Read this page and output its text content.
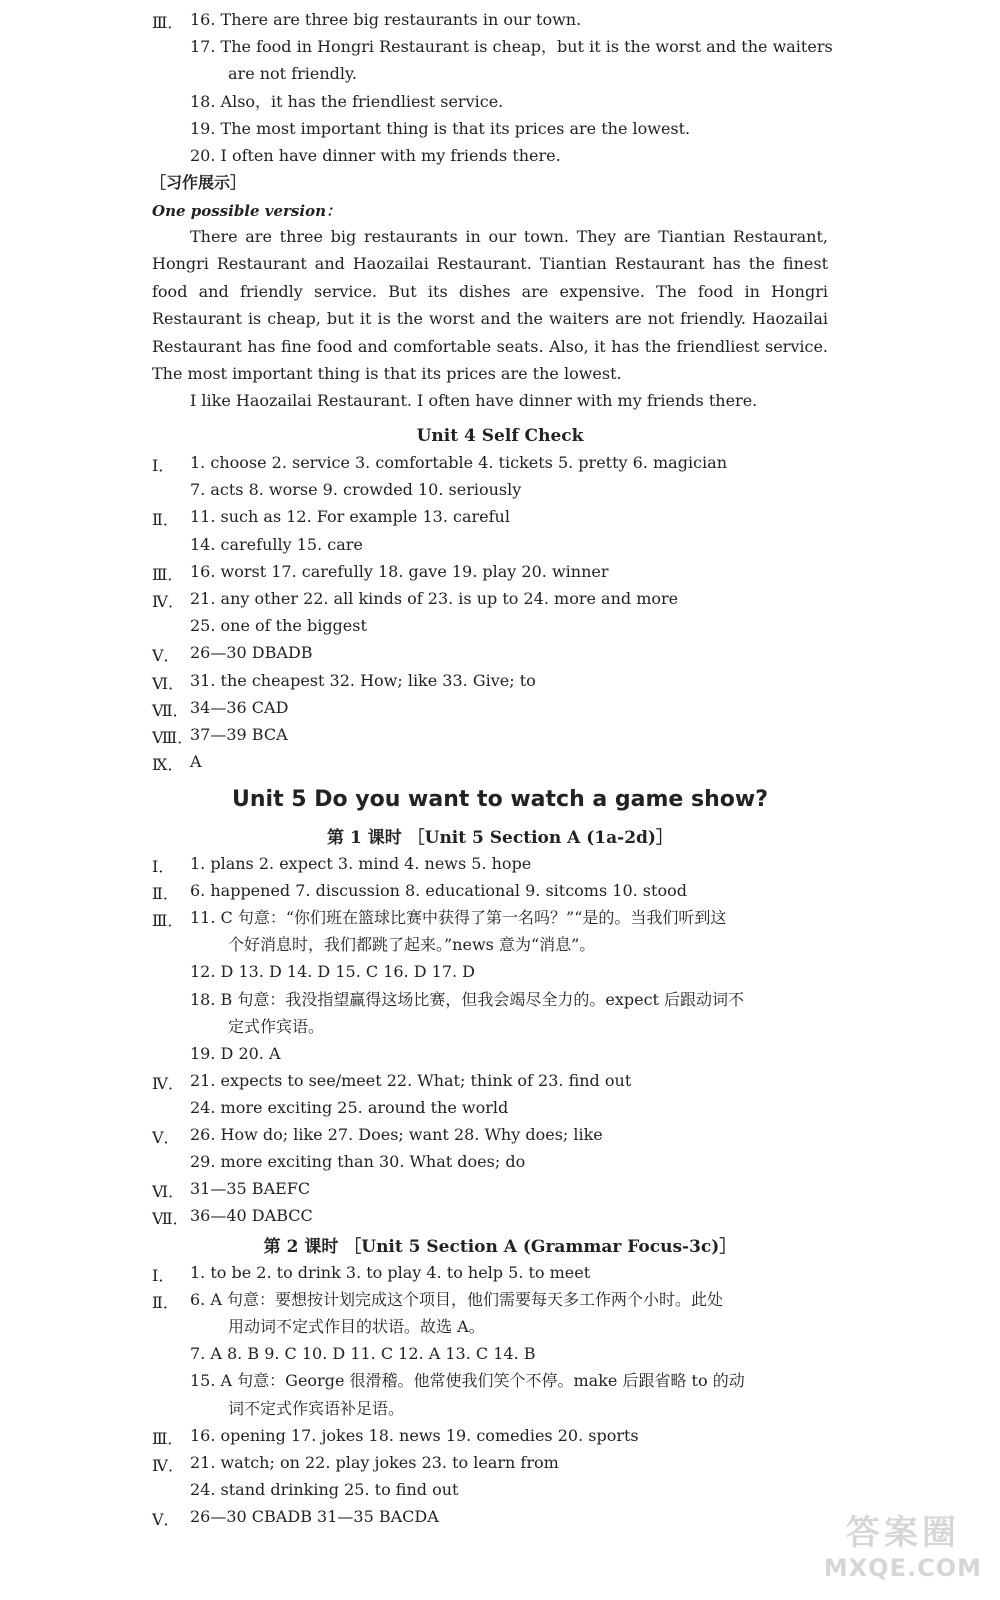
Ⅲ． 16. There are three big restaurants in our town.
17. The food in Hongri Restaurant is cheap，but it is the worst and the waiters
are not friendly.
18. Also，it has the friendliest service.
19. The most important thing is that its prices are the lowest.
20. I often have dinner with my friends there.
［习作展示］
One possible version：

There are three big restaurants in our town. They are Tiantian Restaurant, Hongri Restaurant and Haozailai Restaurant. Tiantian Restaurant has the finest food and friendly service. But its dishes are expensive. The food in Hongri Restaurant is cheap, but it is the worst and the waiters are not friendly. Haozailai Restaurant has fine food and comfortable seats. Also, it has the friendliest service. The most important thing is that its prices are the lowest.

I like Haozailai Restaurant. I often have dinner with my friends there.

Unit 4 Self Check
Ⅰ． 1. choose 2. service 3. comfortable 4. tickets 5. pretty 6. magician
7. acts 8. worse 9. crowded 10. seriously
Ⅱ． 11. such as 12. For example 13. careful
14. carefully 15. care
Ⅲ． 16. worst 17. carefully 18. gave 19. play 20. winner
Ⅳ． 21. any other 22. all kinds of 23. is up to 24. more and more
25. one of the biggest
Ⅴ． 26—30 DBADB
Ⅵ． 31. the cheapest 32. How; like 33. Give; to
Ⅶ． 34—36 CAD
Ⅷ．
37—39 BCA
Ⅸ． A
Unit 5 Do you want to watch a game show?
第 1 课时 ［Unit 5 Section A (1a-2d)］
Ⅰ． 1. plans 2. expect 3. mind 4. news 5. hope
Ⅱ． 6. happened 7. discussion 8. educational 9. sitcoms 10. stood
Ⅲ． 11. C 句意：“你们班在篮球比赛中获得了第一名吗？”“是的。当我们听到这
个好消息时，我们都跳了起来。”news 意为“消息”。
12. D 13. D 14. D 15. C 16. D 17. D
18. B 句意：我没指望赢得这场比赛，但我会竭尽全力的。expect 后跟动词不
定式作宾语。
19. D 20. A
Ⅳ． 21. expects to see/meet 22. What; think of 23. find out
24. more exciting 25. around the world
Ⅴ． 26. How do; like 27. Does; want 28. Why does; like
29. more exciting than 30. What does; do
Ⅵ． 31—35 BAEFC
Ⅶ． 36—40 DABCC
第 2 课时 ［Unit 5 Section A (Grammar Focus-3c)］
Ⅰ． 1. to be 2. to drink 3. to play 4. to help 5. to meet
Ⅱ． 6. A 句意：要想按计划完成这个项目，他们需要每天多工作两个小时。此处
用动词不定式作目的状语。故选 A。
7. A 8. B 9. C 10. D 11. C 12. A 13. C 14. B
15. A 句意：George 很滑稽。他常使我们笑个不停。make 后跟省略 to 的动
词不定式作宾语补足语。
Ⅲ． 16. opening 17. jokes 18. news 19. comedies 20. sports
Ⅳ． 21. watch; on 22. play jokes 23. to learn from
24. stand drinking 25. to find out
Ⅴ． 26—30 CBADB 31—35 BACDA	答案圈
MXQE.COM
